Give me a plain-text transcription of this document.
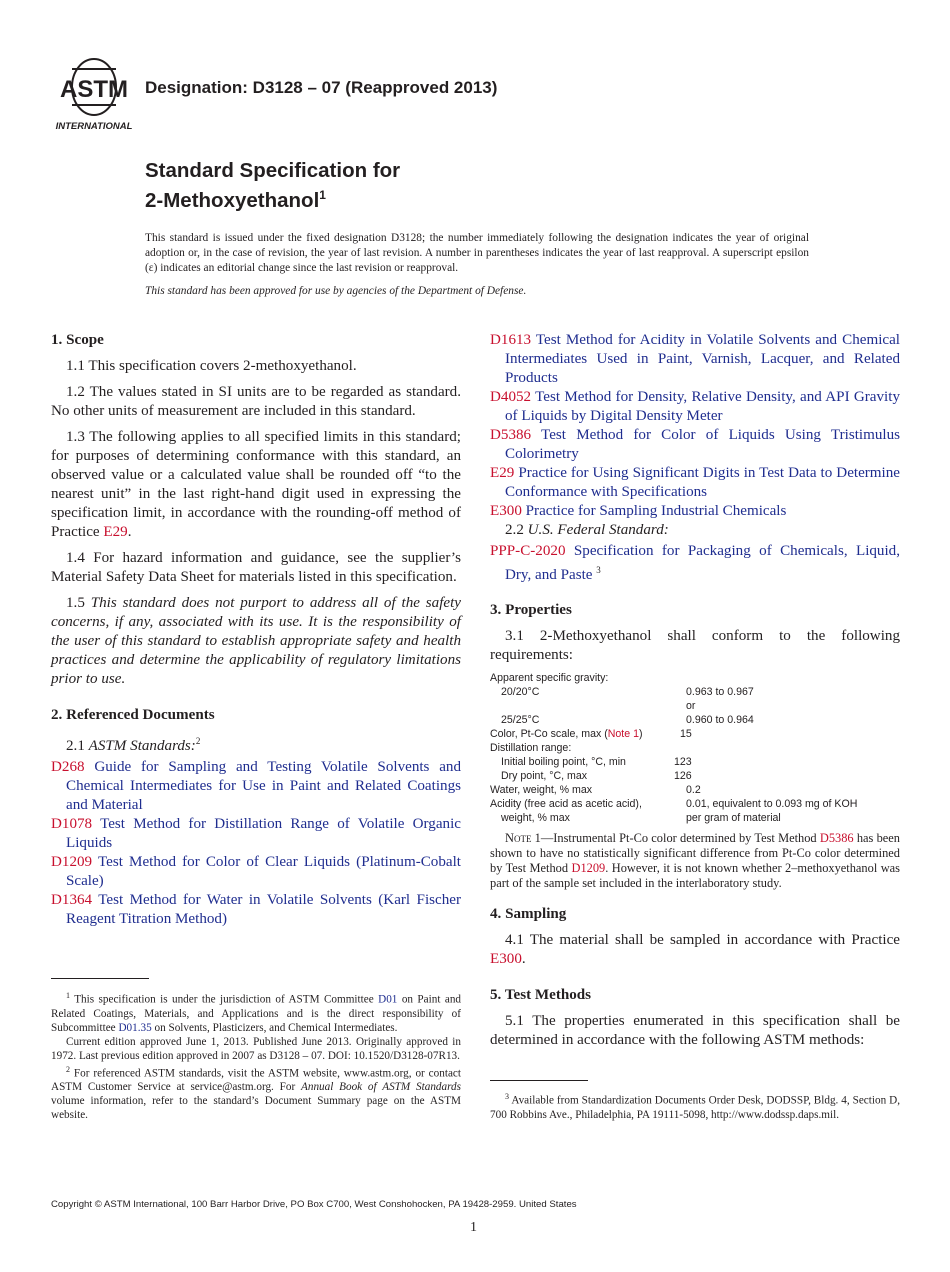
ASTM
INTERNATIONAL
Designation: D3128 – 07 (Reapproved 2013)
Standard Specification for
2-Methoxyethanol$^1$

This standard is issued under the fixed designation D3128; the number immediately following the designation indicates the year of original adoption or, in the case of revision, the year of last revision. A number in parentheses indicates the year of last reapproval. A superscript epsilon (ε) indicates an editorial change since the last revision or reapproval.

This standard has been approved for use by agencies of the Department of Defense.

1. Scope

1.1 This specification covers 2-methoxyethanol.

1.2 The values stated in SI units are to be regarded as standard. No other units of measurement are included in this standard.

1.3 The following applies to all specified limits in this standard; for purposes of determining conformance with this standard, an observed value or a calculated value shall be rounded off “to the nearest unit” in the last right-hand digit used in expressing the specification limit, in accordance with the rounding-off method of Practice E29.

1.4 For hazard information and guidance, see the supplier’s Material Safety Data Sheet for materials listed in this specification.

1.5 This standard does not purport to address all of the safety concerns, if any, associated with its use. It is the responsibility of the user of this standard to establish appropriate safety and health practices and determine the applicability of regulatory limitations prior to use.

2. Referenced Documents

2.1 ASTM Standards:$^2$

D268 Guide for Sampling and Testing Volatile Solvents and Chemical Intermediates for Use in Paint and Related Coatings and Material

D1078 Test Method for Distillation Range of Volatile Organic Liquids

D1209 Test Method for Color of Clear Liquids (Platinum-Cobalt Scale)

D1364 Test Method for Water in Volatile Solvents (Karl Fischer Reagent Titration Method)

$^1$ This specification is under the jurisdiction of ASTM Committee D01 on Paint and Related Coatings, Materials, and Applications and is the direct responsibility of Subcommittee D01.35 on Solvents, Plasticizers, and Chemical Intermediates.

Current edition approved June 1, 2013. Published June 2013. Originally approved in 1972. Last previous edition approved in 2007 as D3128 – 07. DOI: 10.1520/D3128-07R13.

$^2$ For referenced ASTM standards, visit the ASTM website, www.astm.org, or contact ASTM Customer Service at service@astm.org. For Annual Book of ASTM Standards volume information, refer to the standard’s Document Summary page on the ASTM website.

D1613 Test Method for Acidity in Volatile Solvents and Chemical Intermediates Used in Paint, Varnish, Lacquer, and Related Products

D4052 Test Method for Density, Relative Density, and API Gravity of Liquids by Digital Density Meter

D5386 Test Method for Color of Liquids Using Tristimulus Colorimetry

E29 Practice for Using Significant Digits in Test Data to Determine Conformance with Specifications

E300 Practice for Sampling Industrial Chemicals

2.2 U.S. Federal Standard:

PPP-C-2020 Specification for Packaging of Chemicals, Liquid, Dry, and Paste $^3$

3. Properties

3.1 2-Methoxyethanol shall conform to the following requirements:

Apparent specific gravity:
20/20°C	0.963 to 0.967
or
25/25°C	0.960 to 0.964
Color, Pt-Co scale, max (Note 1)	15
Distillation range:
Initial boiling point, °C, min	123
Dry point, °C, max	126
Water, weight, % max	0.2
Acidity (free acid as acetic acid),	0.01, equivalent to 0.093 mg of KOH
weight, % max	per gram of material

Note 1—Instrumental Pt-Co color determined by Test Method D5386 has been shown to have no statistically significant difference from Pt-Co color determined by Test Method D1209. However, it is not known whether 2–methoxyethanol was part of the sample set included in the interlaboratory study.

4. Sampling

4.1 The material shall be sampled in accordance with Practice E300.

5. Test Methods

5.1 The properties enumerated in this specification shall be determined in accordance with the following ASTM methods:

$^3$ Available from Standardization Documents Order Desk, DODSSP, Bldg. 4, Section D, 700 Robbins Ave., Philadelphia, PA 19111-5098, http://www.dodssp.daps.mil.

Copyright © ASTM International, 100 Barr Harbor Drive, PO Box C700, West Conshohocken, PA 19428-2959. United States
1
